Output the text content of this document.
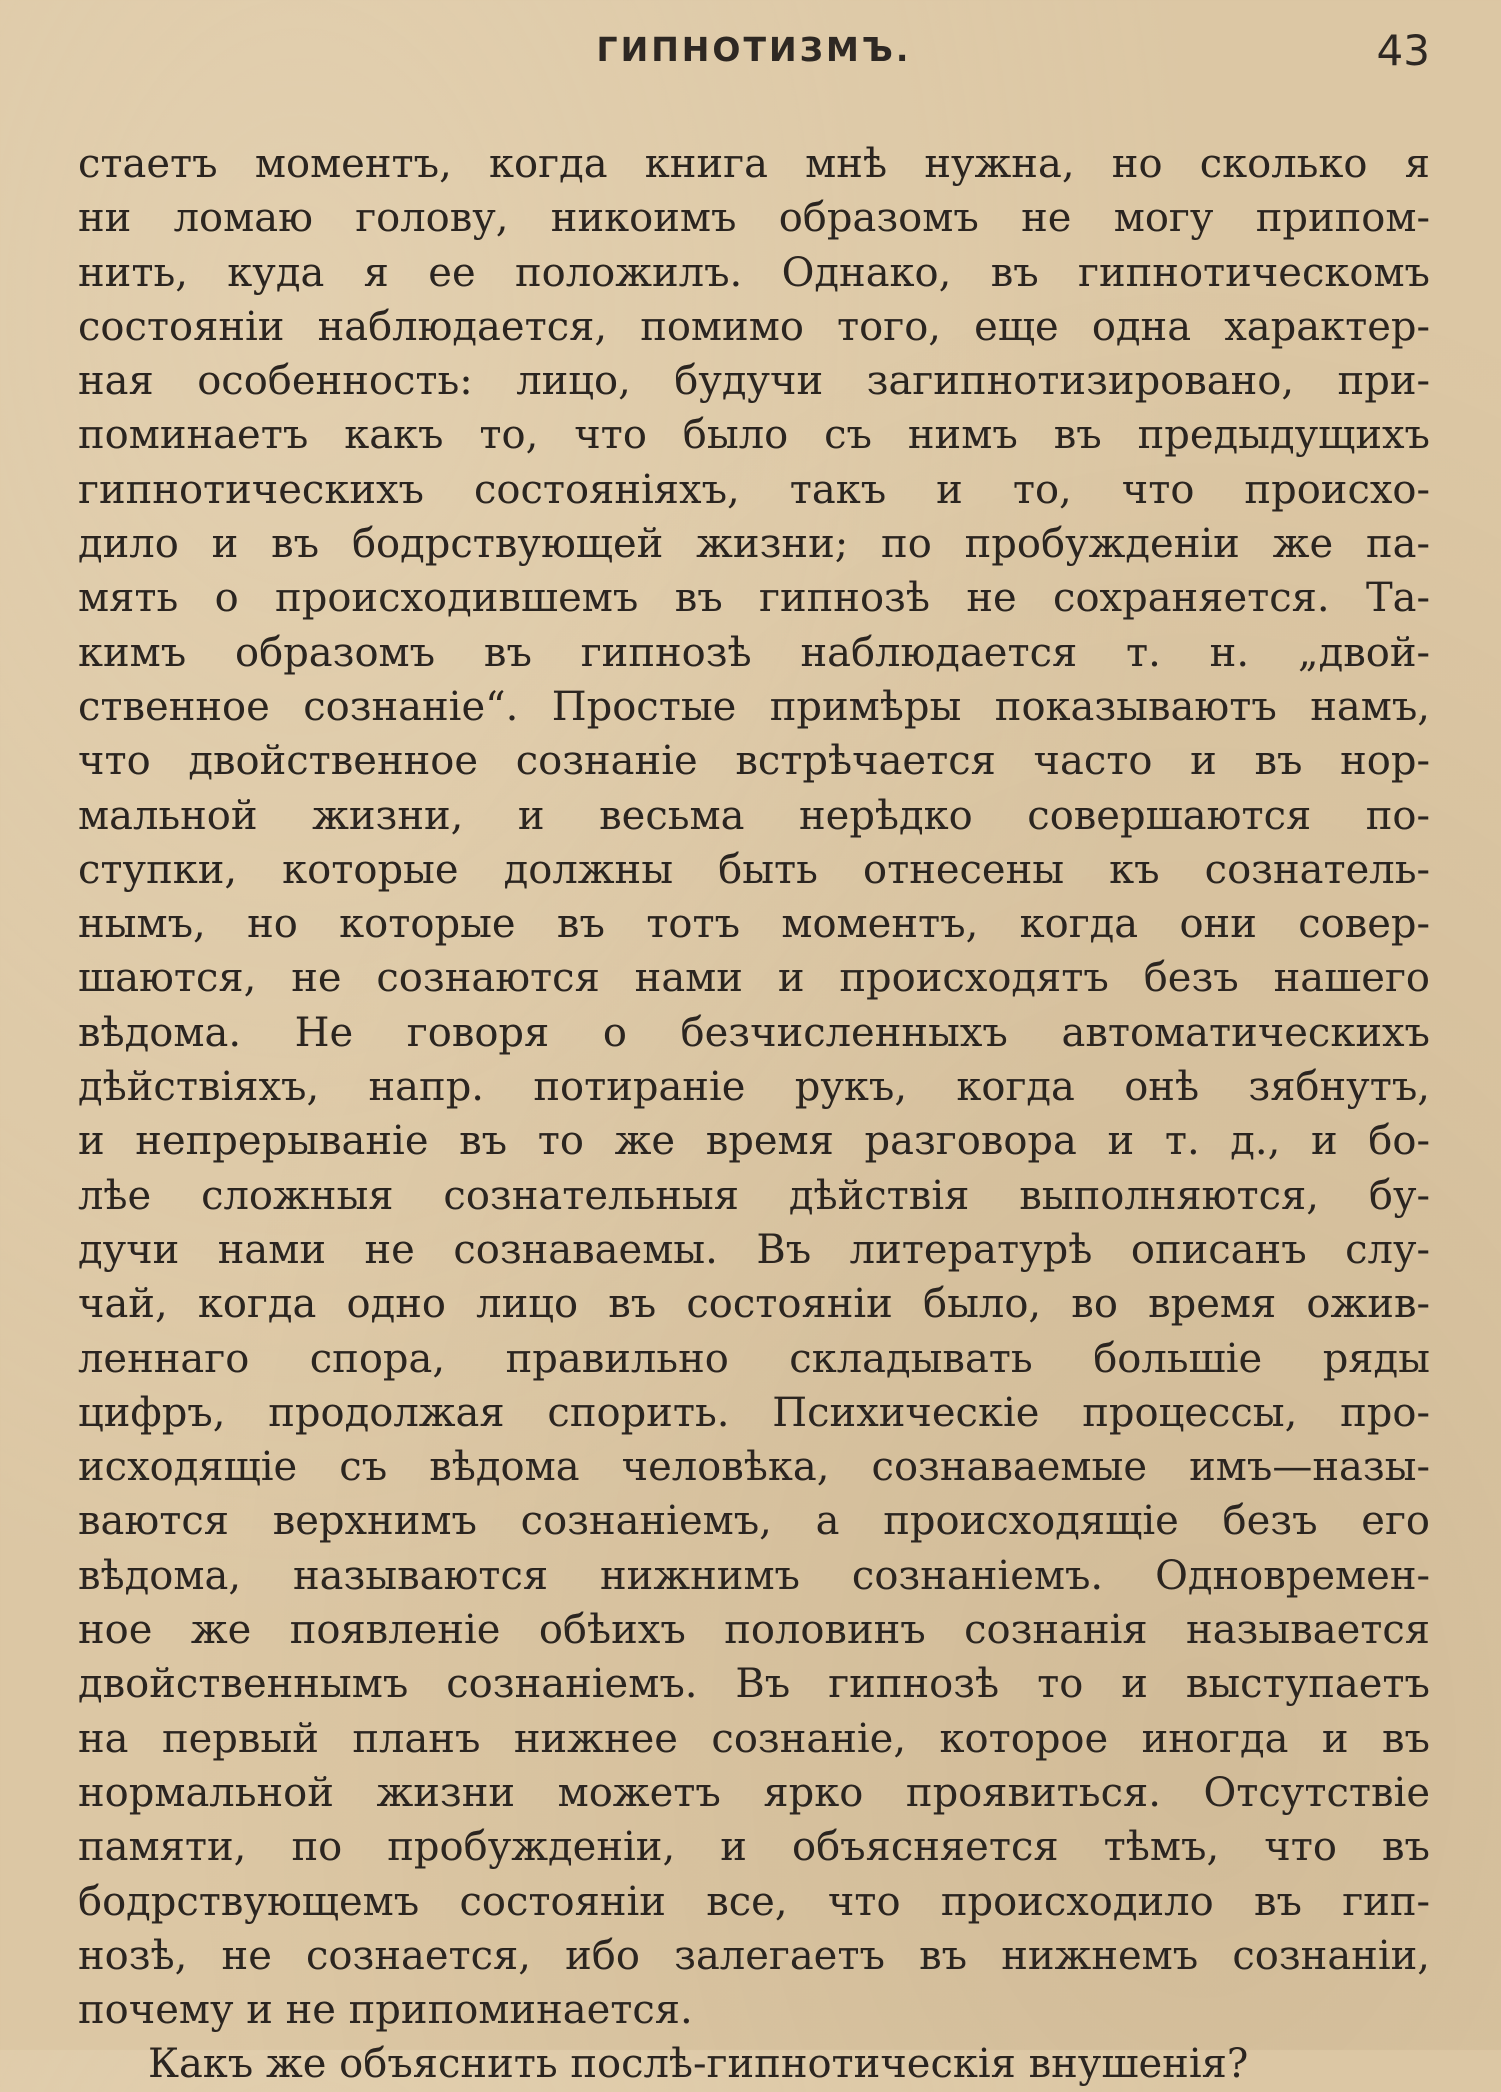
ГИПНОТИЗМЪ.	43
стаетъ моментъ, когда книга мнѣ нужна, но сколько я
ни ломаю голову, никоимъ образомъ не могу припом-
нить, куда я ее положилъ. Однако, въ гипнотическомъ
состояніи наблюдается, помимо того, еще одна характер-
ная особенность: лицо, будучи загипнотизировано, при-
поминаетъ какъ то, что было съ нимъ въ предыдущихъ
гипнотическихъ состояніяхъ, такъ и то, что происхо-
дило и въ бодрствующей жизни; по пробужденіи же па-
мять о происходившемъ въ гипнозѣ не сохраняется. Та-
кимъ образомъ въ гипнозѣ наблюдается т. н. „двой-
ственное сознаніе“. Простые примѣры показываютъ намъ,
что двойственное сознаніе встрѣчается часто и въ нор-
мальной жизни, и весьма нерѣдко совершаются по-
ступки, которые должны быть отнесены къ сознатель-
нымъ, но которые въ тотъ моментъ, когда они совер-
шаются, не сознаются нами и происходятъ безъ нашего
вѣдома. Не говоря о безчисленныхъ автоматическихъ
дѣйствіяхъ, напр. потираніе рукъ, когда онѣ зябнутъ,
и непрерываніе въ то же время разговора и т. д., и бо-
лѣе сложныя сознательныя дѣйствія выполняются, бу-
дучи нами не сознаваемы. Въ литературѣ описанъ слу-
чай, когда одно лицо въ состояніи было, во время ожив-
леннаго спора, правильно складывать большіе ряды
цифръ, продолжая спорить. Психическіе процессы, про-
исходящіе съ вѣдома человѣка, сознаваемые имъ—назы-
ваются верхнимъ сознаніемъ, а происходящіе безъ его
вѣдома, называются нижнимъ сознаніемъ. Одновремен-
ное же появленіе обѣихъ половинъ сознанія называется
двойственнымъ сознаніемъ. Въ гипнозѣ то и выступаетъ
на первый планъ нижнее сознаніе, которое иногда и въ
нормальной жизни можетъ ярко проявиться. Отсутствіе
памяти, по пробужденіи, и объясняется тѣмъ, что въ
бодрствующемъ состояніи все, что происходило въ гип-
нозѣ, не сознается, ибо залегаетъ въ нижнемъ сознаніи,
почему и не припоминается.
Какъ же объяснить послѣ-гипнотическія внушенія?
